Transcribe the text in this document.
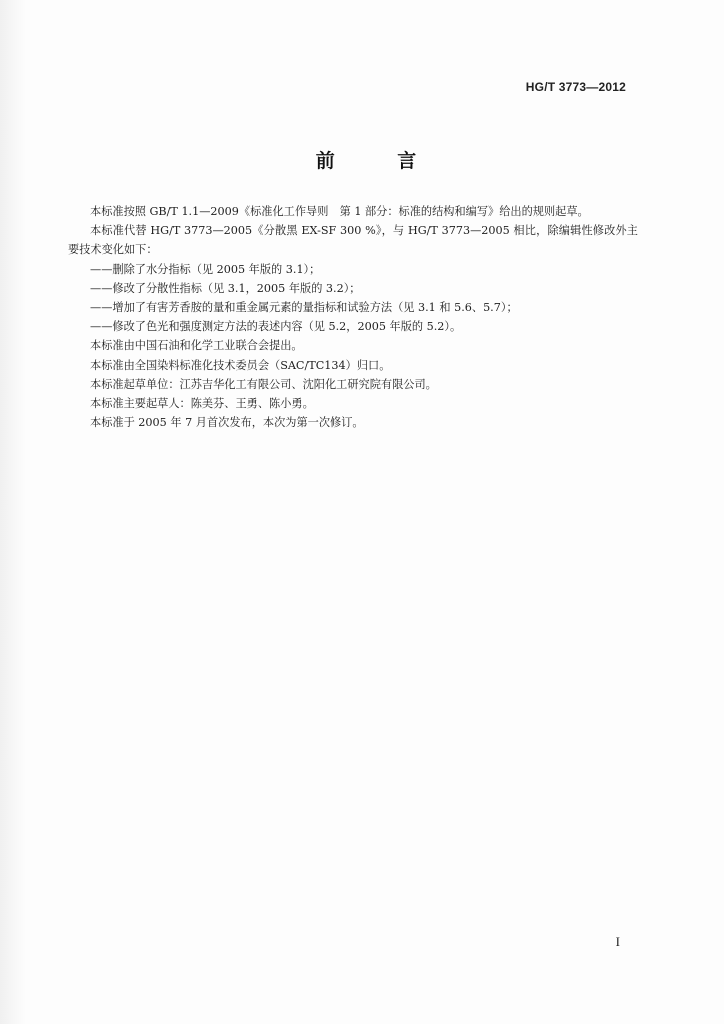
HG/T 3773—2012
前 言

本标准按照 GB/T 1.1—2009《标准化工作导则　第 1 部分：标准的结构和编写》给出的规则起草。

本标准代替 HG/T 3773—2005《分散黑 EX-SF 300 %》，与 HG/T 3773—2005 相比，除编辑性修改外主要技术变化如下：

——删除了水分指标（见 2005 年版的 3.1）；

——修改了分散性指标（见 3.1，2005 年版的 3.2）；

——增加了有害芳香胺的量和重金属元素的量指标和试验方法（见 3.1 和 5.6、5.7）；

——修改了色光和强度测定方法的表述内容（见 5.2，2005 年版的 5.2）。

本标准由中国石油和化学工业联合会提出。

本标准由全国染料标准化技术委员会（SAC/TC134）归口。

本标准起草单位：江苏吉华化工有限公司、沈阳化工研究院有限公司。

本标准主要起草人：陈美芬、王勇、陈小勇。

本标准于 2005 年 7 月首次发布，本次为第一次修订。

I
